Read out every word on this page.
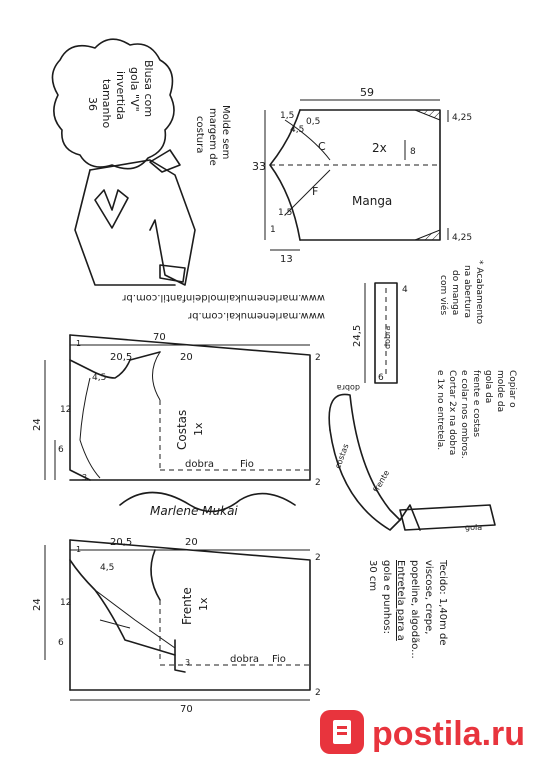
Blusa com
gola "V"
invertida
tamanho
36
Molde sem
margem de
costura
59
33
13
1
1,5
4,5
1,5
0,5
8
4,25
4,25
C
F
2x
Manga
www.marlenemukai.com.br
www.marlenemukaimoldeinfantil.com.br
24,5	dobra
4
6
* Acabamento
na abertura
do manga
com viés
70
20,5	20	2
2
4,5
12
6
3
1
24	Costas 1x
dobra	Fio
Marlene Mukai
20,5	20
70
2
2
4,5
12
6
3
1
24	Frente 1x
dobra Fio
costas
frente
dobra
gola
Copiar o
molde da
gola da
frente e costas
e colar nos ombros.
Cortar 2x na dobra
e 1x no entretela.
Tecido: 1,40m de
viscose, crepe,
popeline, algodão...
Entretela para a
gola e punhos:
30 cm
postila.ru
